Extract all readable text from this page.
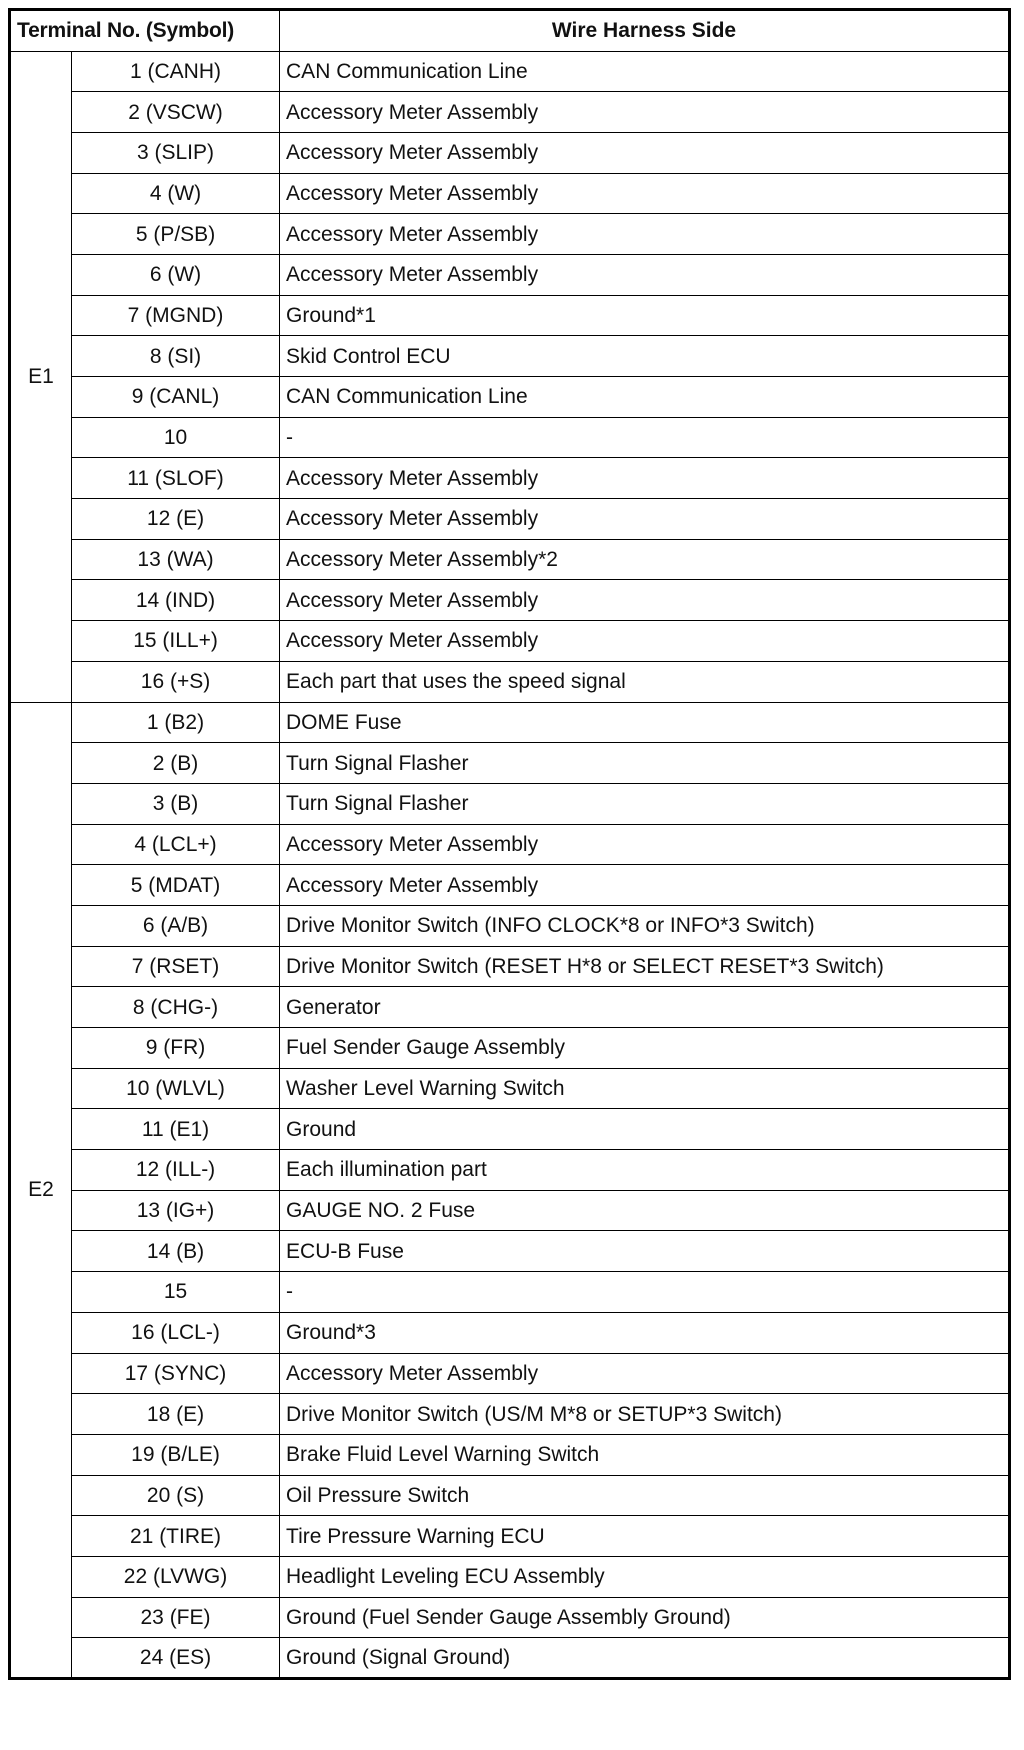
Terminal No. (Symbol)		Wire Harness Side
E1	1 (CANH)	CAN Communication Line
	2 (VSCW)	Accessory Meter Assembly
	3 (SLIP)	Accessory Meter Assembly
	4 (W)	Accessory Meter Assembly
	5 (P/SB)	Accessory Meter Assembly
	6 (W)	Accessory Meter Assembly
	7 (MGND)	Ground*1
	8 (SI)	Skid Control ECU
	9 (CANL)	CAN Communication Line
	10	-
	11 (SLOF)	Accessory Meter Assembly
	12 (E)	Accessory Meter Assembly
	13 (WA)	Accessory Meter Assembly*2
	14 (IND)	Accessory Meter Assembly
	15 (ILL+)	Accessory Meter Assembly
	16 (+S)	Each part that uses the speed signal
E2	1 (B2)	DOME Fuse
	2 (B)	Turn Signal Flasher
	3 (B)	Turn Signal Flasher
	4 (LCL+)	Accessory Meter Assembly
	5 (MDAT)	Accessory Meter Assembly
	6 (A/B)	Drive Monitor Switch (INFO CLOCK*8 or INFO*3 Switch)
	7 (RSET)	Drive Monitor Switch (RESET H*8 or SELECT RESET*3 Switch)
	8 (CHG-)	Generator
	9 (FR)	Fuel Sender Gauge Assembly
	10 (WLVL)	Washer Level Warning Switch
	11 (E1)	Ground
	12 (ILL-)	Each illumination part
	13 (IG+)	GAUGE NO. 2 Fuse
	14 (B)	ECU-B Fuse
	15	-
	16 (LCL-)	Ground*3
	17 (SYNC)	Accessory Meter Assembly
	18 (E)	Drive Monitor Switch (US/M M*8 or SETUP*3 Switch)
	19 (B/LE)	Brake Fluid Level Warning Switch
	20 (S)	Oil Pressure Switch
	21 (TIRE)	Tire Pressure Warning ECU
	22 (LVWG)	Headlight Leveling ECU Assembly
	23 (FE)	Ground (Fuel Sender Gauge Assembly Ground)
	24 (ES)	Ground (Signal Ground)
